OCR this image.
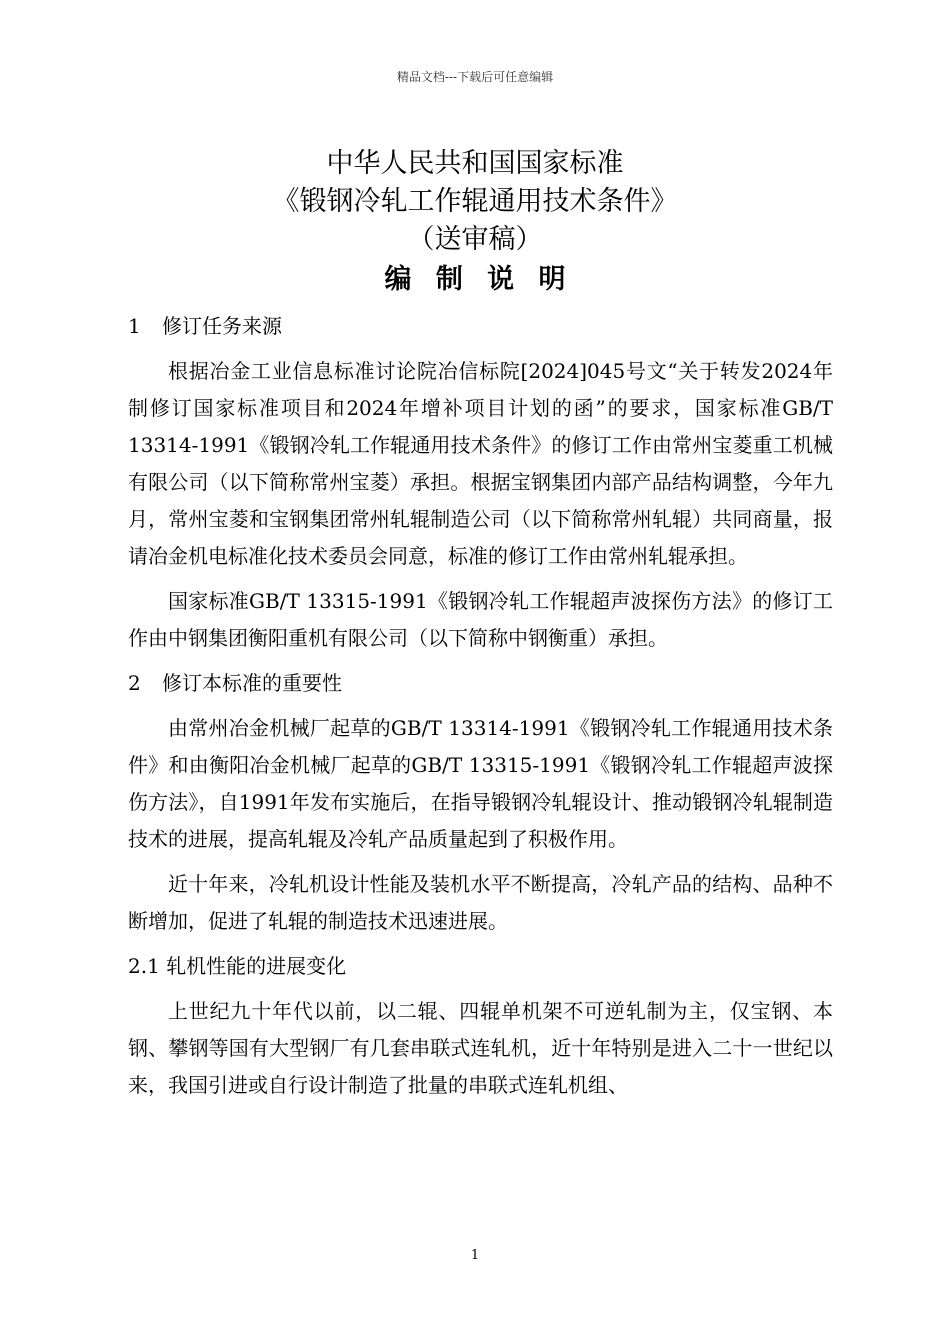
精品文档---下载后可任意编辑
中华人民共和国国家标准
《锻钢冷轧工作辊通用技术条件》
（送审稿）
编制说明
1 修订任务来源

根据冶金工业信息标准讨论院冶信标院[2024]045号文“关于转发2024年制修订国家标准项目和2024年增补项目计划的函”的要求，国家标准GB/T 13314-1991《锻钢冷轧工作辊通用技术条件》的修订工作由常州宝菱重工机械有限公司（以下简称常州宝菱）承担。根据宝钢集团内部产品结构调整，今年九月，常州宝菱和宝钢集团常州轧辊制造公司（以下简称常州轧辊）共同商量，报请冶金机电标准化技术委员会同意，标准的修订工作由常州轧辊承担。

国家标准GB/T 13315-1991《锻钢冷轧工作辊超声波探伤方法》的修订工作由中钢集团衡阳重机有限公司（以下简称中钢衡重）承担。

2 修订本标准的重要性

由常州冶金机械厂起草的GB/T 13314-1991《锻钢冷轧工作辊通用技术条件》和由衡阳冶金机械厂起草的GB/T 13315-1991《锻钢冷轧工作辊超声波探伤方法》，自1991年发布实施后，在指导锻钢冷轧辊设计、推动锻钢冷轧辊制造技术的进展，提高轧辊及冷轧产品质量起到了积极作用。

近十年来，冷轧机设计性能及装机水平不断提高，冷轧产品的结构、品种不断增加，促进了轧辊的制造技术迅速进展。

2.1 轧机性能的进展变化

上世纪九十年代以前，以二辊、四辊单机架不可逆轧制为主，仅宝钢、本钢、攀钢等国有大型钢厂有几套串联式连轧机，近十年特别是进入二十一世纪以来，我国引进或自行设计制造了批量的串联式连轧机组、

1
